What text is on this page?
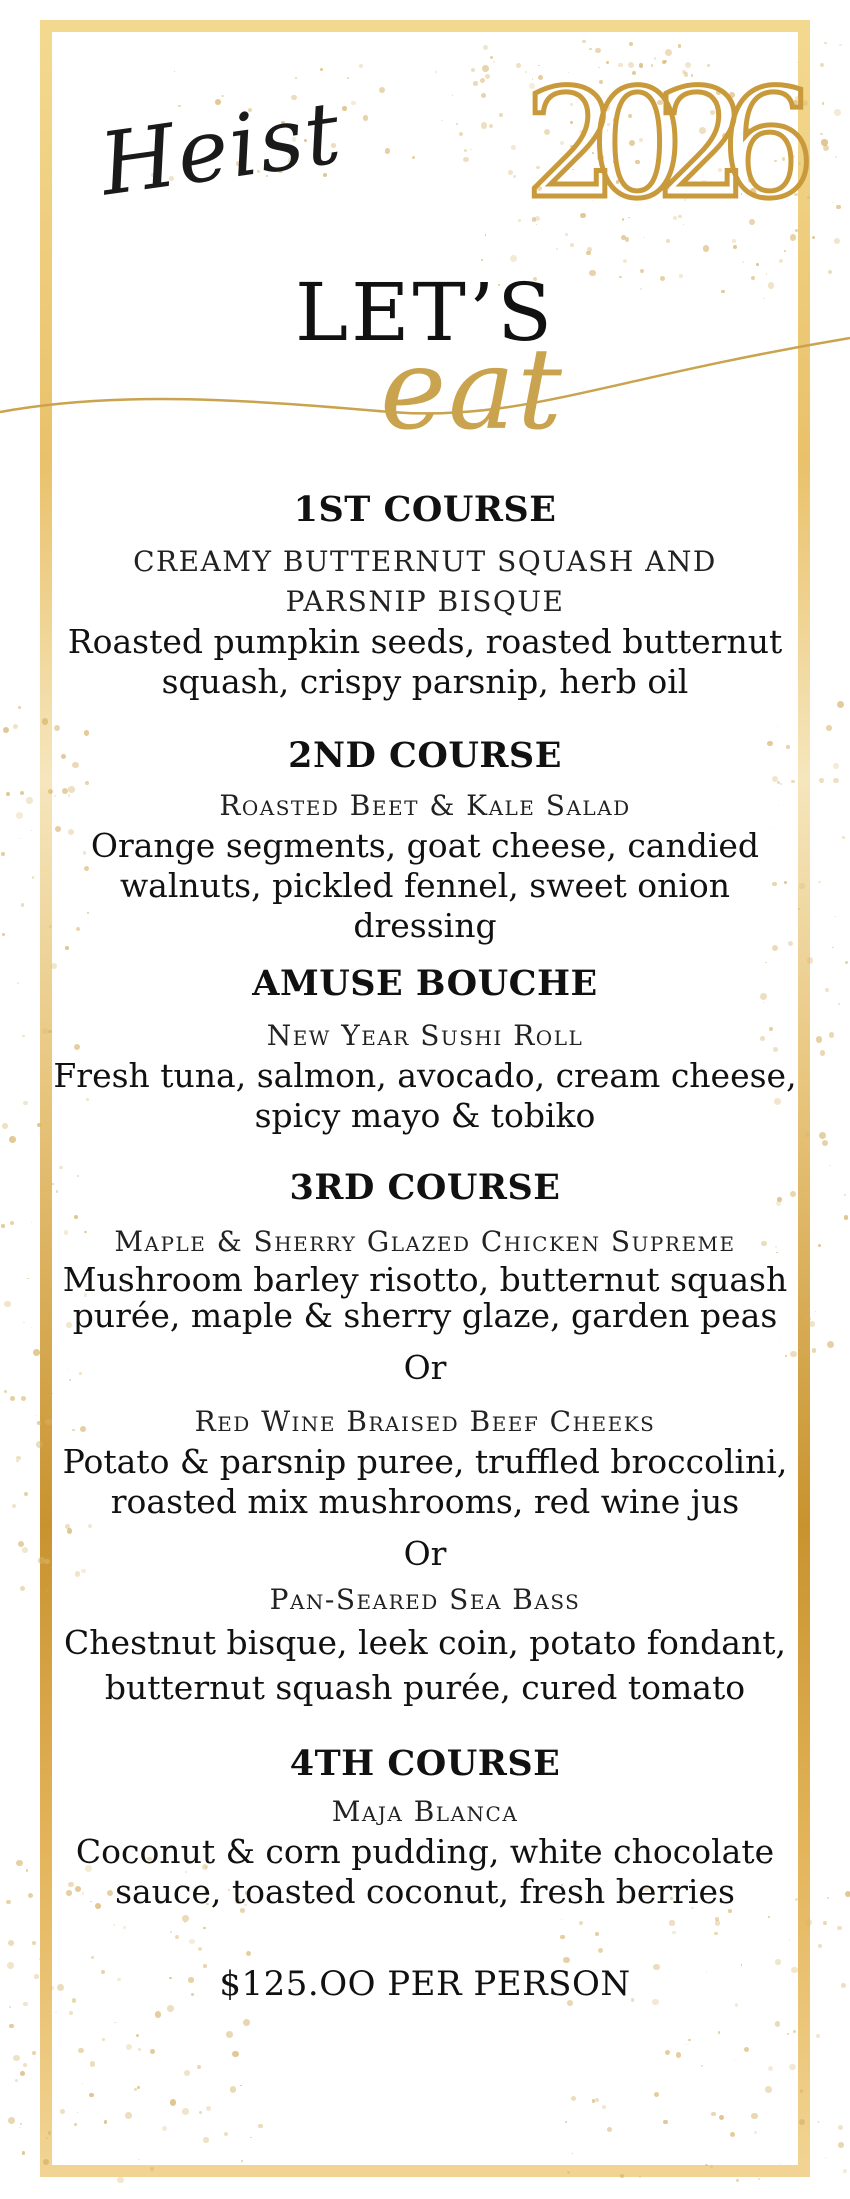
Heist 2026
LET’S
eat

1ST COURSE

CREAMY BUTTERNUT SQUASH AND
PARSNIP BISQUE

Roasted pumpkin seeds, roasted butternut
squash, crispy parsnip, herb oil

2ND COURSE

Roasted Beet & Kale Salad

Orange segments, goat cheese, candied
walnuts, pickled fennel, sweet onion
dressing

AMUSE BOUCHE

New Year Sushi Roll

Fresh tuna, salmon, avocado, cream cheese,
spicy mayo & tobiko

3RD COURSE

Maple & Sherry Glazed Chicken Supreme

Mushroom barley risotto, butternut squash
purée, maple & sherry glaze, garden peas

Or

Red Wine Braised Beef Cheeks

Potato & parsnip puree, truffled broccolini,
roasted mix mushrooms, red wine jus

Or

Pan-Seared Sea Bass

Chestnut bisque, leek coin, potato fondant,
butternut squash purée, cured tomato

4TH COURSE

Maja Blanca

Coconut & corn pudding, white chocolate
sauce, toasted coconut, fresh berries

$125.OO PER PERSON
